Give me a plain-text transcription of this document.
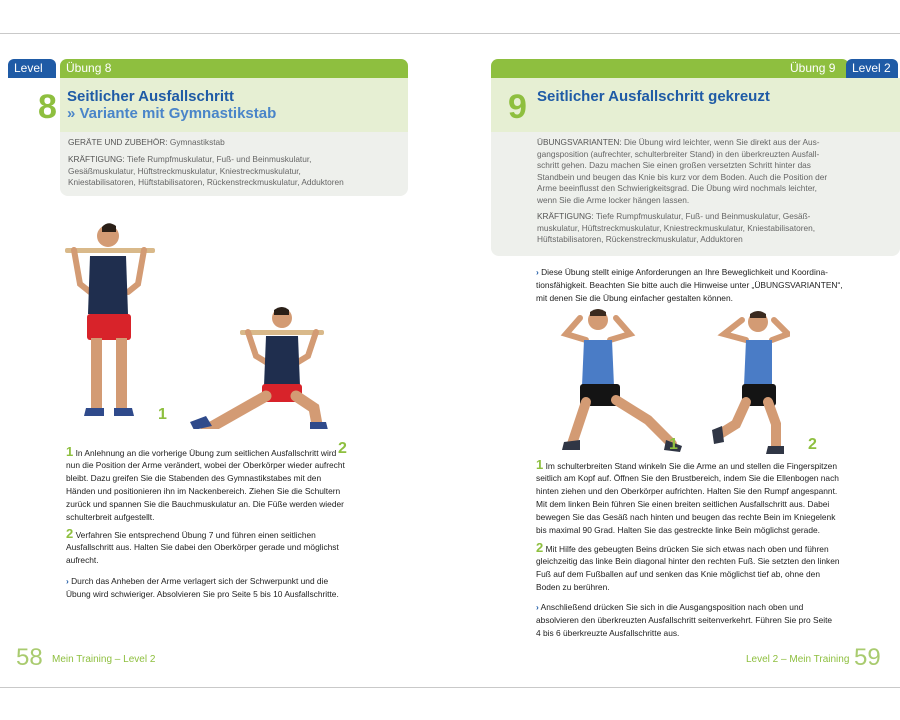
Level 2
Übung 8
8 Seitlicher Ausfallschritt
» Variante mit Gymnastikstab
GERÄTE UND ZUBEHÖR: Gymnastikstab
KRÄFTIGUNG: Tiefe Rumpfmuskulatur, Fuß- und Beinmuskulatur,
Gesäßmuskulatur, Hüftstreckmuskulatur, Kniestreckmuskulatur,
Kniestabilisatoren, Hüftstabilisatoren, Rückenstreckmuskulatur, Adduktoren
1
2
1 In Anlehnung an die vorherige Übung zum seitlichen Ausfallschritt wird
nun die Position der Arme verändert, wobei der Oberkörper wieder aufrecht
bleibt. Dazu greifen Sie die Stabenden des Gymnastikstabes mit den
Händen und positionieren ihn im Nackenbereich. Ziehen Sie die Schultern
zurück und spannen Sie die Bauchmuskulatur an. Die Füße werden wieder
schulterbreit aufgestellt.
2 Verfahren Sie entsprechend Übung 7 und führen einen seitlichen
Ausfallschritt aus. Halten Sie dabei den Oberkörper gerade und möglichst
aufrecht.
› Durch das Anheben der Arme verlagert sich der Schwerpunkt und die
Übung wird schwieriger. Absolvieren Sie pro Seite 5 bis 10 Ausfallschritte.
58 Mein Training – Level 2
Übung 9	Level 2
9 Seitlicher Ausfallschritt gekreuzt
ÜBUNGSVARIANTEN: Die Übung wird leichter, wenn Sie direkt aus der Aus-
gangsposition (aufrechter, schulterbreiter Stand) in den überkreuzten Ausfall-
schritt gehen. Dazu machen Sie einen großen versetzten Schritt hinter das
Standbein und beugen das Knie bis kurz vor dem Boden. Auch die Position der
Arme beeinflusst den Schwierigkeitsgrad. Die Übung wird nochmals leichter,
wenn Sie die Arme locker hängen lassen.
KRÄFTIGUNG: Tiefe Rumpfmuskulatur, Fuß- und Beinmuskulatur, Gesäß-
muskulatur, Hüftstreckmuskulatur, Kniestreckmuskulatur, Kniestabilisatoren,
Hüftstabilisatoren, Rückenstreckmuskulatur, Adduktoren
› Diese Übung stellt einige Anforderungen an Ihre Beweglichkeit und Koordina-
tionsfähigkeit. Beachten Sie bitte auch die Hinweise unter „ÜBUNGSVARIANTEN“,
mit denen Sie die Übung einfacher gestalten können.
1	2
1 Im schulterbreiten Stand winkeln Sie die Arme an und stellen die Fingerspitzen
seitlich am Kopf auf. Öffnen Sie den Brustbereich, indem Sie die Ellenbogen nach
hinten ziehen und den Oberkörper aufrichten. Halten Sie den Rumpf angespannt.
Mit dem linken Bein führen Sie einen breiten seitlichen Ausfallschritt aus. Dabei
bewegen Sie das Gesäß nach hinten und beugen das rechte Bein im Kniegelenk
bis maximal 90 Grad. Halten Sie das gestreckte linke Bein möglichst gerade.
2 Mit Hilfe des gebeugten Beins drücken Sie sich etwas nach oben und führen
gleichzeitig das linke Bein diagonal hinter den rechten Fuß. Sie setzten den linken
Fuß auf dem Fußballen auf und senken das Knie möglichst tief ab, ohne den
Boden zu berühren.
› Anschließend drücken Sie sich in die Ausgangsposition nach oben und
absolvieren den überkreuzten Ausfallschritt seitenverkehrt. Führen Sie pro Seite
4 bis 6 überkreuzte Ausfallschritte aus.
Level 2 – Mein Training 59
